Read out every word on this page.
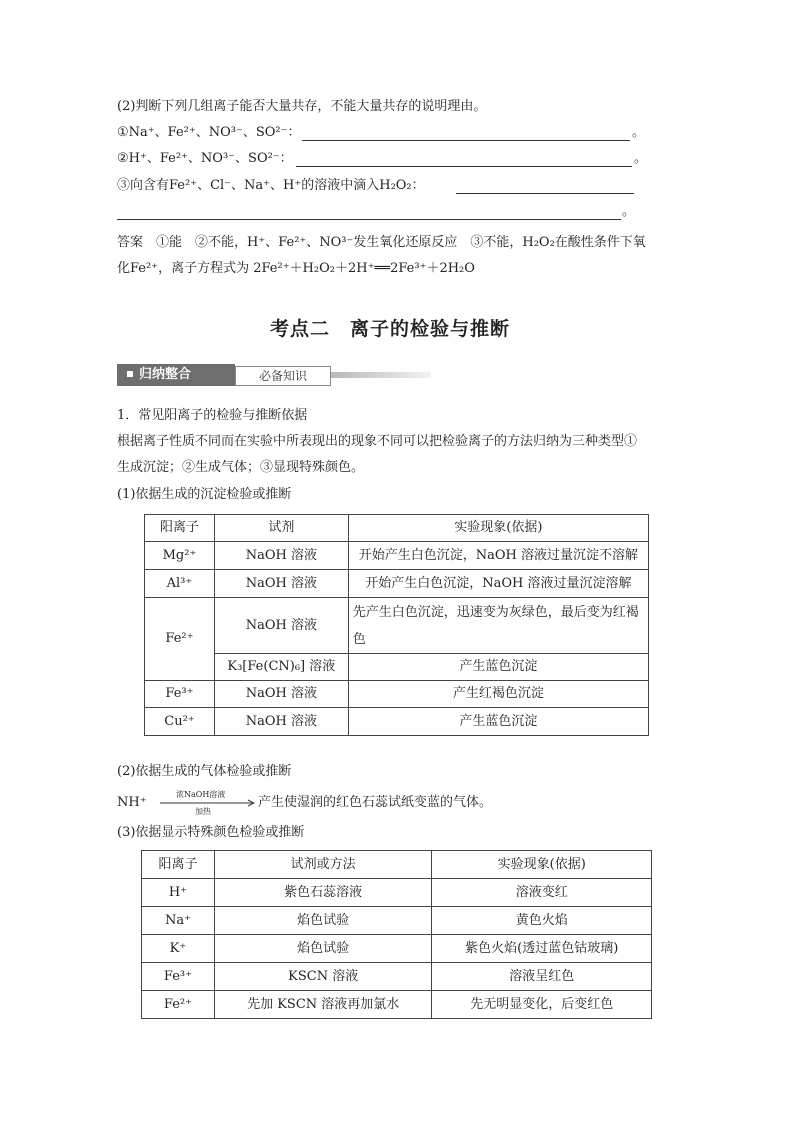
(2)判断下列几组离子能否大量共存，不能大量共存的说明理由。
①Na⁺、Fe²⁺、NO³⁻、SO²⁻：	。
②H⁺、Fe²⁺、NO³⁻、SO²⁻：	。
③向含有Fe²⁺、Cl⁻、Na⁺、H⁺的溶液中滴入H₂O₂：
。
答案　①能　②不能，H⁺、Fe²⁺、NO³⁻发生氧化还原反应　③不能，H₂O₂在酸性条件下氧
化Fe²⁺，离子方程式为 2Fe²⁺＋H₂O₂＋2H⁺══2Fe³⁺＋2H₂O
考点二　离子的检验与推断
归纳整合	必备知识
1．常见阳离子的检验与推断依据
根据离子性质不同而在实验中所表现出的现象不同可以把检验离子的方法归纳为三种类型①
生成沉淀；②生成气体；③显现特殊颜色。
(1)依据生成的沉淀检验或推断
阳离子	试剂	实验现象(依据)
Mg²⁺	NaOH 溶液	开始产生白色沉淀，NaOH 溶液过量沉淀不溶解
Al³⁺	NaOH 溶液	开始产生白色沉淀，NaOH 溶液过量沉淀溶解
Fe²⁺	NaOH 溶液	先产生白色沉淀，迅速变为灰绿色，最后变为红褐色
	K₃[Fe(CN)₆] 溶液	产生蓝色沉淀
Fe³⁺	NaOH 溶液	产生红褐色沉淀
Cu²⁺	NaOH 溶液	产生蓝色沉淀
(2)依据生成的气体检验或推断
NH⁺
浓NaOH溶液
加热
产生使湿润的红色石蕊试纸变蓝的气体。
(3)依据显示特殊颜色检验或推断
阳离子	试剂或方法	实验现象(依据)
H⁺	紫色石蕊溶液	溶液变红
Na⁺	焰色试验	黄色火焰
K⁺	焰色试验	紫色火焰(透过蓝色钴玻璃)
Fe³⁺	KSCN 溶液	溶液呈红色
Fe²⁺	先加 KSCN 溶液再加氯水	先无明显变化，后变红色
